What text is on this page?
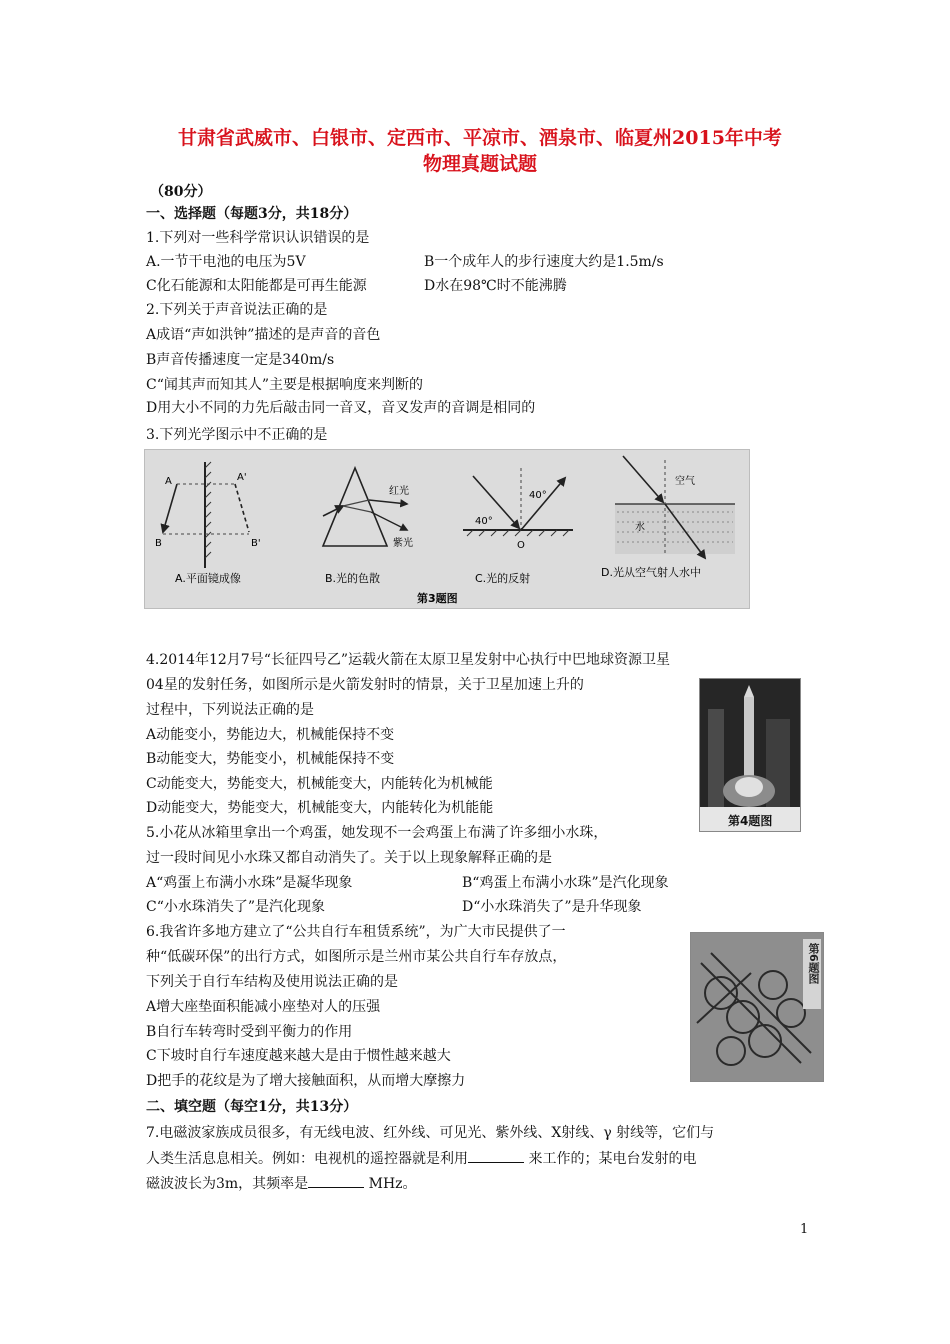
甘肃省武威市、白银市、定西市、平凉市、酒泉市、临夏州2015年中考
物理真题试题
（80分）
一、选择题（每题3分，共18分）
1.下列对一些科学常识认识错误的是
A.一节干电池的电压为5V	B一个成年人的步行速度大约是1.5m/s
C化石能源和太阳能都是可再生能源	D水在98℃时不能沸腾
2.下列关于声音说法正确的是
A成语“声如洪钟”描述的是声音的音色
B声音传播速度一定是340m/s
C“闻其声而知其人”主要是根据响度来判断的
D用大小不同的力先后敲击同一音叉，音叉发声的音调是相同的
3.下列光学图示中不正确的是
A	A'
B	B'
A.平面镜成像
红光
紫光
B.光的色散
40°
40°
O
C.光的反射
空气
水
D.光从空气射人水中
第3题图
4.2014年12月7号“长征四号乙”运载火箭在太原卫星发射中心执行中巴地球资源卫星
04星的发射任务，如图所示是火箭发射时的情景，关于卫星加速上升的
过程中，下列说法正确的是
A动能变小，势能边大，机械能保持不变
B动能变大，势能变小，机械能保持不变
C动能变大，势能变大，机械能变大，内能转化为机械能
D动能变大，势能变大，机械能变大，内能转化为机能能
第4题图
5.小花从冰箱里拿出一个鸡蛋，她发现不一会鸡蛋上布满了许多细小水珠，
过一段时间见小水珠又都自动消失了。关于以上现象解释正确的是
A“鸡蛋上布满小水珠”是凝华现象	B“鸡蛋上布满小水珠”是汽化现象
C“小水珠消失了”是汽化现象	D“小水珠消失了”是升华现象
6.我省许多地方建立了“公共自行车租赁系统”，为广大市民提供了一
种“低碳环保”的出行方式，如图所示是兰州市某公共自行车存放点，
下列关于自行车结构及使用说法正确的是
A增大座垫面积能减小座垫对人的压强
B自行车转弯时受到平衡力的作用
C下坡时自行车速度越来越大是由于惯性越来越大
D把手的花纹是为了增大接触面积，从而增大摩擦力
第6题图
二、填空题（每空1分，共13分）
7.电磁波家族成员很多，有无线电波、红外线、可见光、紫外线、X射线、γ 射线等，它们与
人类生活息息相关。例如：电视机的遥控器就是利用	来工作的；某电台发射的电
磁波波长为3m，其频率是	MHz。
1
